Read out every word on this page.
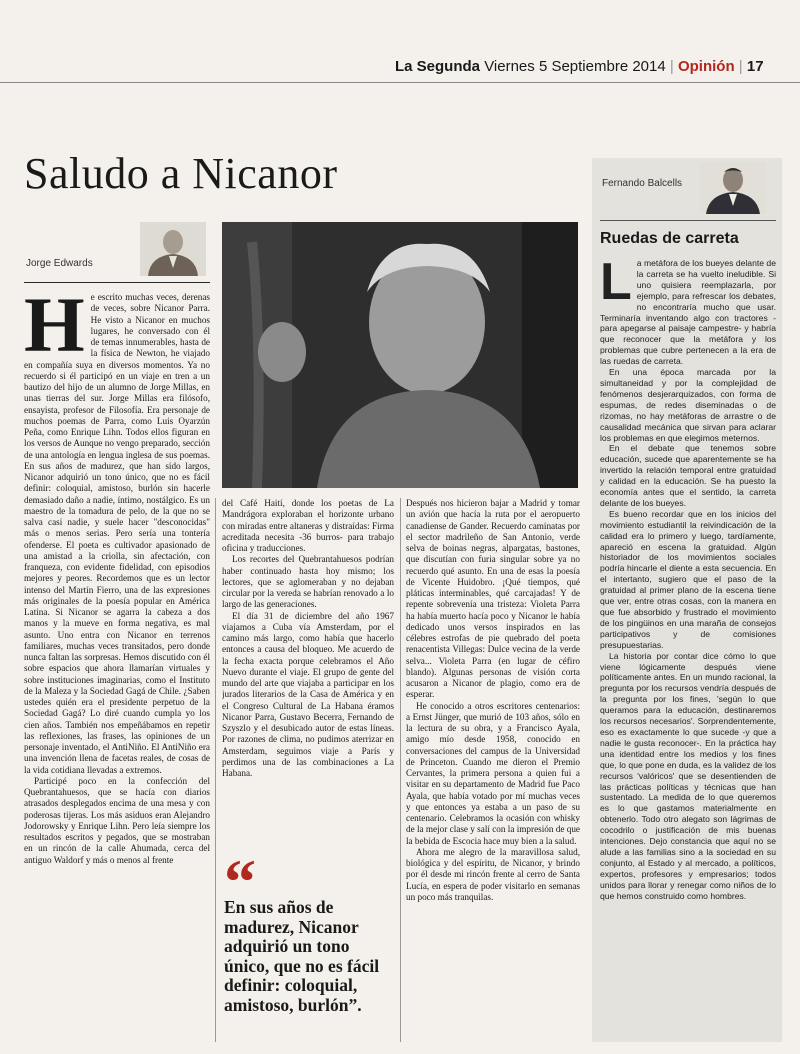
La Segunda Viernes 5 Septiembre 2014 | Opinión | 17
Saludo a Nicanor
Jorge Edwards
H e escrito muchas veces, derenas de veces, sobre Nicanor Parra. He visto a Nicanor en muchos lugares, he conversado con él de temas innumerables, hasta de la física de Newton, he viajado en compañía suya en diversos momentos. Ya no recuerdo si él participó en un viaje en tren a un bautizo del hijo de un alumno de Jorge Millas, en unas tierras del sur. Jorge Millas era filósofo, ensayista, profesor de Filosofía. Era personaje de muchos poemas de Parra, como Luis Oyarzún Peña, como Enrique Lihn. Todos ellos figuran en los versos de Aunque no vengo preparado, sección de una antología en lengua inglesa de sus poemas. En sus años de madurez, que han sido largos, Nicanor adquirió un tono único, que no es fácil definir: coloquial, amistoso, burlón sin hacerle demasiado daño a nadie, íntimo, nostálgico. Es un maestro de la tomadura de pelo, de la que no se salva casi nadie, y suele hacer "desconocidas" más o menos serias. Pero sería una tontería ofenderse. El poeta es cultivador apasionado de una amistad a la criolla, sin afectación, con franqueza, con evidente fidelidad, con episodios mejores y peores. Recordemos que es un lector intenso del Martín Fierro, una de las expresiones más originales de la poesía popular en América Latina. Si Nicanor se agarra la cabeza a dos manos y la mueve en forma negativa, es mal asunto. Uno entra con Nicanor en terrenos familiares, muchas veces transitados, pero donde nunca faltan las sorpresas. Hemos discutido con él sobre espacios que ahora llamarían virtuales y sobre instituciones imaginarias, como el Instituto de la Maleza y la Sociedad Gagá de Chile. ¿Saben ustedes quién era el presidente perpetuo de la Sociedad Gagá? Lo diré cuando cumpla yo los cien años. También nos empeñábamos en repetir las reflexiones, las frases, las opiniones de un personaje inventado, el AntiNiño. El AntiNiño era una invención llena de facetas reales, de cosas de la vida cotidiana llevadas a extremos.

Participé poco en la confección del Quebrantahuesos, que se hacía con diarios atrasados desplegados encima de una mesa y con poderosas tijeras. Los más asiduos eran Alejandro Jodorowsky y Enrique Lihn. Pero leía siempre los resultados escritos y pegados, que se mostraban en un rincón de la calle Ahumada, cerca del antiguo Waldorf y más o menos al frente

del Café Haití, donde los poetas de La Mandrágora exploraban el horizonte urbano con miradas entre altaneras y distraídas: Firma acreditada necesita -36 burros- para trabajo oficina y traducciones.

Los recortes del Quebrantahuesos podrían haber continuado hasta hoy mismo; los lectores, que se aglomeraban y no dejaban circular por la vereda se habrían renovado a lo largo de las generaciones.

El día 31 de diciembre del año 1967 viajamos a Cuba vía Amsterdam, por el camino más largo, como había que hacerlo entonces a causa del bloqueo. Me acuerdo de la fecha exacta porque celebramos el Año Nuevo durante el viaje. El grupo de gente del mundo del arte que viajaba a participar en los jurados literarios de la Casa de América y en el Congreso Cultural de La Habana éramos Nicanor Parra, Gustavo Becerra, Fernando de Szyszlo y el desubicado autor de estas líneas. Por razones de clima, no pudimos aterrizar en Amsterdam, seguimos viaje a París y perdimos una de las combinaciones a La Habana.

“
En sus años de madurez, Nicanor adquirió un tono único, que no es fácil definir: coloquial, amistoso, burlón”.

Después nos hicieron bajar a Madrid y tomar un avión que hacía la ruta por el aeropuerto canadiense de Gander. Recuerdo caminatas por el sector madrileño de San Antonio, verde selva de boinas negras, alpargatas, bastones, que discutían con furia singular sobre ya no recuerdo qué asunto. En una de esas la poesía de Vicente Huidobro. ¡Qué tiempos, qué pláticas interminables, qué carcajadas! Y de repente sobrevenía una tristeza: Violeta Parra ha había muerto hacía poco y Nicanor le había dedicado unos versos inspirados en las célebres estrofas de pie quebrado del poeta renacentista Villegas: Dulce vecina de la verde selva... Violeta Parra (en lugar de céfiro blando). Algunas personas de visión corta acusaron a Nicanor de plagio, como era de esperar.

He conocido a otros escritores centenarios: a Ernst Jünger, que murió de 103 años, sólo en la lectura de su obra, y a Francisco Ayala, amigo mío desde 1958, conocido en conversaciones del campus de la Universidad de Princeton. Cuando me dieron el Premio Cervantes, la primera persona a quien fui a visitar en su departamento de Madrid fue Paco Ayala, que había votado por mí muchas veces y que entonces ya estaba a un paso de su centenario. Celebramos la ocasión con whisky de la mejor clase y salí con la impresión de que la bebida de Escocia hace muy bien a la salud.

Ahora me alegro de la maravillosa salud, biológica y del espíritu, de Nicanor, y brindo por él desde mi rincón frente al cerro de Santa Lucía, en espera de poder visitarlo en semanas un poco más tranquilas.

Fernando Balcells
Ruedas de carreta
L a metáfora de los bueyes delante de la carreta se ha vuelto ineludible. Si uno quisiera reemplazarla, por ejemplo, para refrescar los debates, no encontraría mucho que usar. Terminaría inventando algo con tractores -para apegarse al paisaje campestre- y habría que reconocer que la metáfora y los problemas que cubre pertenecen a la era de las ruedas de carreta.

En una época marcada por la simultaneidad y por la complejidad de fenómenos desjerarquizados, con forma de espumas, de redes diseminadas o de rizomas, no hay metáforas de arrastre o de causalidad mecánica que sirvan para aclarar los problemas en que elegimos meternos.

En el debate que tenemos sobre educación, sucede que aparentemente se ha invertido la relación temporal entre gratuidad y calidad en la educación. Se ha puesto la economía antes que el sentido, la carreta delante de los bueyes.

Es bueno recordar que en los inicios del movimiento estudiantil la reivindicación de la calidad era lo primero y luego, tardíamente, apareció en escena la gratuidad. Algún historiador de los movimientos sociales podría hincarle el diente a esta secuencia. En el intertanto, sugiero que el paso de la gratuidad al primer plano de la escena tiene que ver, entre otras cosas, con la manera en que fue absorbido y frustrado el movimiento de los pingüinos en una maraña de consejos participativos y de comisiones presupuestarias.

La historia por contar dice cómo lo que viene lógicamente después viene políticamente antes. En un mundo racional, la pregunta por los recursos vendría después de la pregunta por los fines, 'según lo que queramos para la educación, destinaremos los recursos necesarios'. Sorprendentemente, eso es exactamente lo que sucede -y que a nadie le gusta reconocer-. En la práctica hay una identidad entre los medios y los fines que, lo que pone en duda, es la validez de los recursos 'valóricos' que se desentienden de las prácticas políticas y técnicas que han sustentado. La medida de lo que queremos es lo que gastamos materialmente en obtenerlo. Todo otro alegato son lágrimas de cocodrilo o justificación de mis buenas intenciones. Dejo constancia que aquí no se alude a las familias sino a la sociedad en su conjunto, al Estado y al mercado, a políticos, expertos, profesores y empresarios; todos unidos para llorar y renegar como niños de lo que hemos construido como hombres.
